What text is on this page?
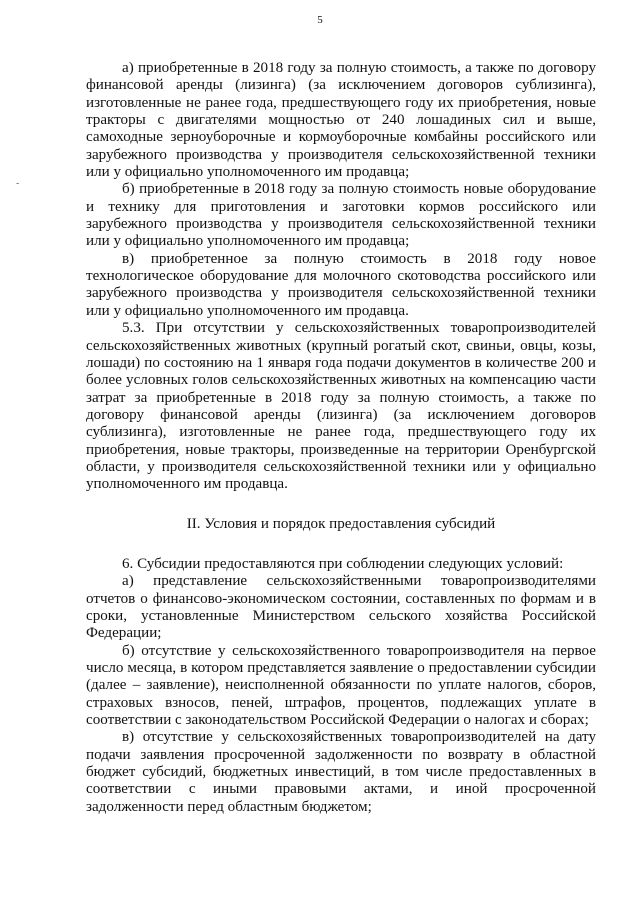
5
-

а) приобретенные в 2018 году за полную стоимость, а также по договору финансовой аренды (лизинга) (за исключением договоров сублизинга), изготовленные не ранее года, предшествующего году их приобретения, новые тракторы с двигателями мощностью от 240 лошадиных сил и выше, самоходные зерноуборочные и кормоуборочные комбайны российского или зарубежного производства у производителя сельскохозяйственной техники или у официально уполномоченного им продавца;

б) приобретенные в 2018 году за полную стоимость новые оборудование и технику для приготовления и заготовки кормов российского или зарубежного производства у производителя сельскохозяйственной техники или у официально уполномоченного им продавца;

в) приобретенное за полную стоимость в 2018 году новое технологическое оборудование для молочного скотоводства российского или зарубежного производства у производителя сельскохозяйственной техники или у официально уполномоченного им продавца.

5.3. При отсутствии у сельскохозяйственных товаропроизводителей сельскохозяйственных животных (крупный рогатый скот, свиньи, овцы, козы, лошади) по состоянию на 1 января года подачи документов в количестве 200 и более условных голов сельскохозяйственных животных на компенсацию части затрат за приобретенные в 2018 году за полную стоимость, а также по договору финансовой аренды (лизинга) (за исключением договоров сублизинга), изготовленные не ранее года, предшествующего году их приобретения, новые тракторы, произведенные на территории Оренбургской области, у производителя сельскохозяйственной техники или у официально уполномоченного им продавца.

II. Условия и порядок предоставления субсидий

6. Субсидии предоставляются при соблюдении следующих условий:

а) представление сельскохозяйственными товаропроизводителями отчетов о финансово-экономическом состоянии, составленных по формам и в сроки, установленные Министерством сельского хозяйства Российской Федерации;

б) отсутствие у сельскохозяйственного товаропроизводителя на первое число месяца, в котором представляется заявление о предоставлении субсидии (далее – заявление), неисполненной обязанности по уплате налогов, сборов, страховых взносов, пеней, штрафов, процентов, подлежащих уплате в соответствии с законодательством Российской Федерации о налогах и сборах;

в) отсутствие у сельскохозяйственных товаропроизводителей на дату подачи заявления просроченной задолженности по возврату в областной бюджет субсидий, бюджетных инвестиций, в том числе предоставленных в соответствии с иными правовыми актами, и иной просроченной задолженности перед областным бюджетом;
